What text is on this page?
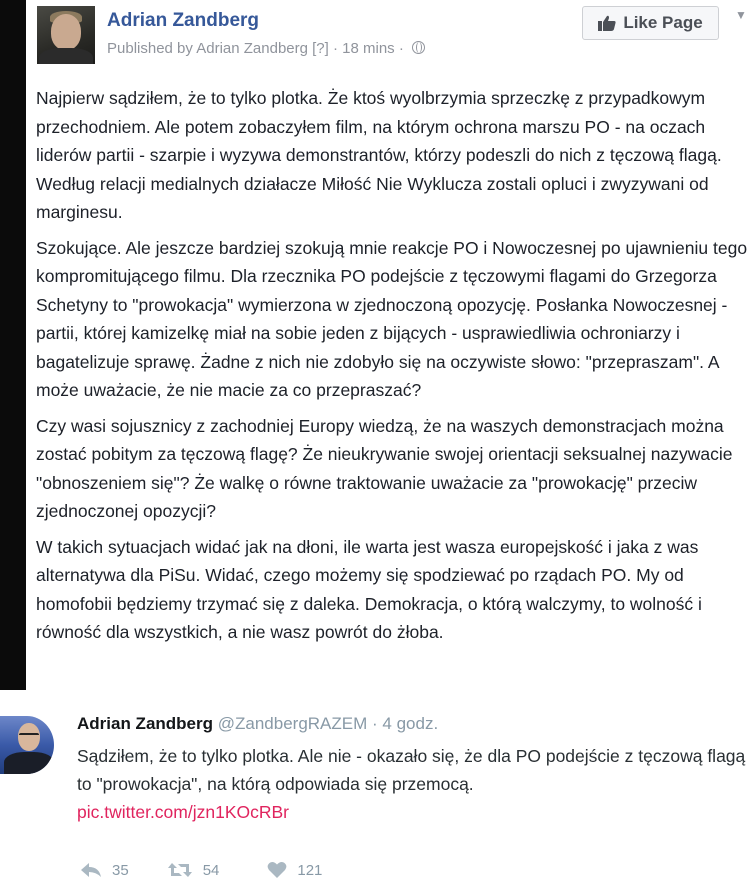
Adrian Zandberg
Published by Adrian Zandberg [?] · 18 mins ·
Like Page	▼

Najpierw sądziłem, że to tylko plotka. Że ktoś wyolbrzymia sprzeczkę z przypadkowym przechodniem. Ale potem zobaczyłem film, na którym ochrona marszu PO - na oczach liderów partii - szarpie i wyzywa demonstrantów, którzy podeszli do nich z tęczową flagą. Według relacji medialnych działacze Miłość Nie Wyklucza zostali opluci i zwyzywani od marginesu.

Szokujące. Ale jeszcze bardziej szokują mnie reakcje PO i Nowoczesnej po ujawnieniu tego kompromitującego filmu. Dla rzecznika PO podejście z tęczowymi flagami do Grzegorza Schetyny to "prowokacja" wymierzona w zjednoczoną opozycję. Posłanka Nowoczesnej - partii, której kamizelkę miał na sobie jeden z bijących - usprawiedliwia ochroniarzy i bagatelizuje sprawę. Żadne z nich nie zdobyło się na oczywiste słowo: "przepraszam". A może uważacie, że nie macie za co przepraszać?

Czy wasi sojusznicy z zachodniej Europy wiedzą, że na waszych demonstracjach można zostać pobitym za tęczową flagę? Że nieukrywanie swojej orientacji seksualnej nazywacie "obnoszeniem się"? Że walkę o równe traktowanie uważacie za "prowokację" przeciw zjednoczonej opozycji?

W takich sytuacjach widać jak na dłoni, ile warta jest wasza europejskość i jaka z was alternatywa dla PiSu. Widać, czego możemy się spodziewać po rządach PO. My od homofobii będziemy trzymać się z daleka. Demokracja, o którą walczymy, to wolność i równość dla wszystkich, a nie wasz powrót do żłoba.

Adrian Zandberg @ZandbergRAZEM · 4 godz.
Sądziłem, że to tylko plotka. Ale nie - okazało się, że dla PO podejście z tęczową flagą to "prowokacja", na którą odpowiada się przemocą.
pic.twitter.com/jzn1KOcRBr
35	54	121
